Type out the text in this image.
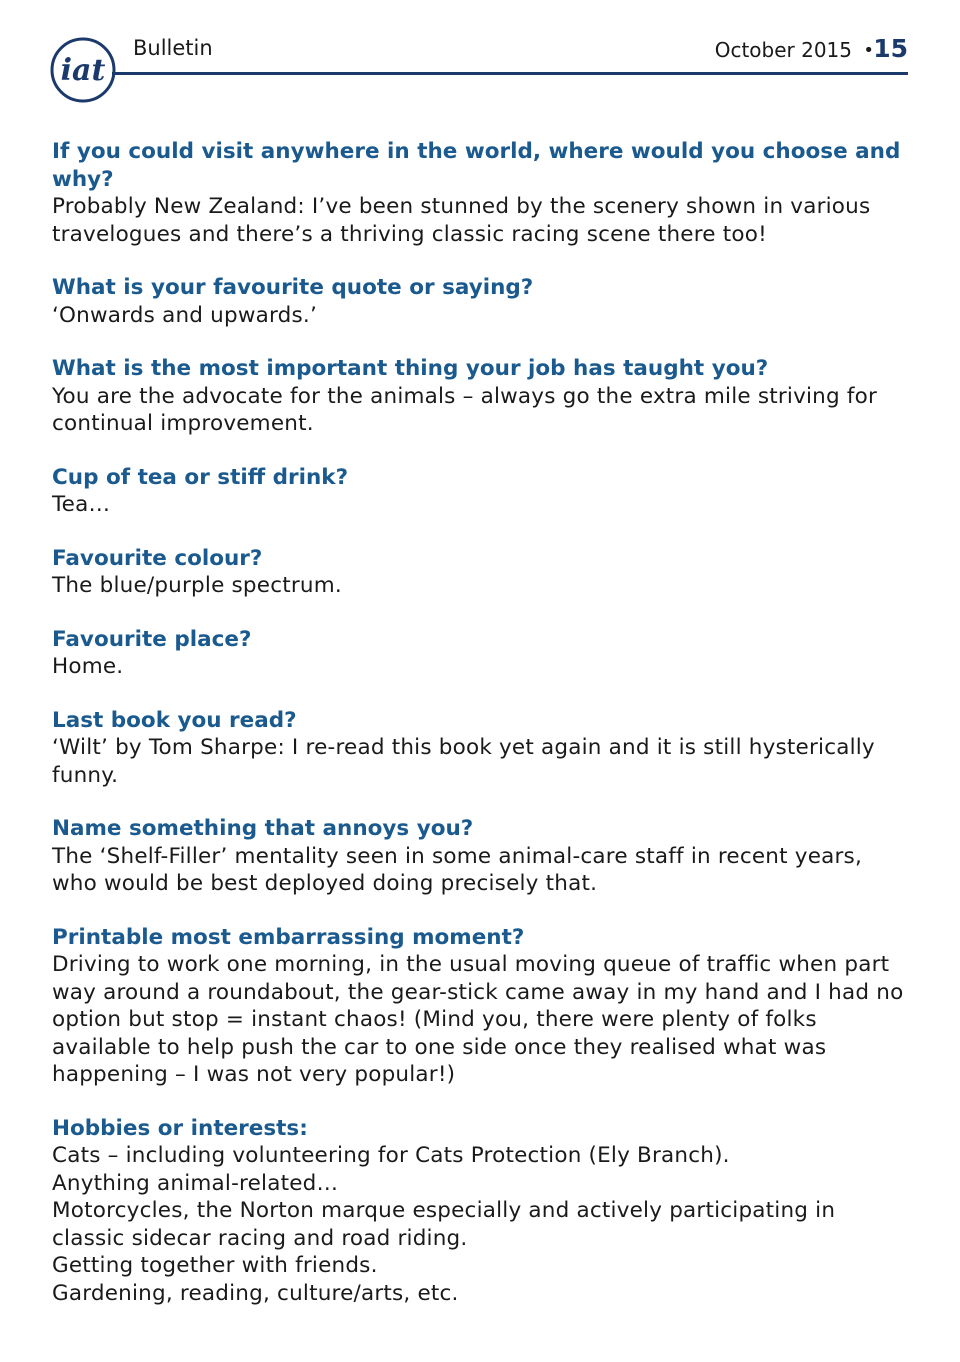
iat
Bulletin	October 2015 • 15

If you could visit anywhere in the world, where would you choose and why?

Probably New Zealand: I’ve been stunned by the scenery shown in various travelogues and there’s a thriving classic racing scene there too!

What is your favourite quote or saying?

‘Onwards and upwards.’

What is the most important thing your job has taught you?

You are the advocate for the animals – always go the extra mile striving for continual improvement.

Cup of tea or stiff drink?

Tea…

Favourite colour?

The blue/purple spectrum.

Favourite place?

Home.

Last book you read?

‘Wilt’ by Tom Sharpe: I re-read this book yet again and it is still hysterically funny.

Name something that annoys you?

The ‘Shelf-Filler’ mentality seen in some animal-care staff in recent years, who would be best deployed doing precisely that.

Printable most embarrassing moment?

Driving to work one morning, in the usual moving queue of traffic when part way around a roundabout, the gear-stick came away in my hand and I had no option but stop = instant chaos! (Mind you, there were plenty of folks available to help push the car to one side once they realised what was happening – I was not very popular!)

Hobbies or interests:

Cats – including volunteering for Cats Protection (Ely Branch).
Anything animal-related…
Motorcycles, the Norton marque especially and actively participating in classic sidecar racing and road riding.
Getting together with friends.
Gardening, reading, culture/arts, etc.
